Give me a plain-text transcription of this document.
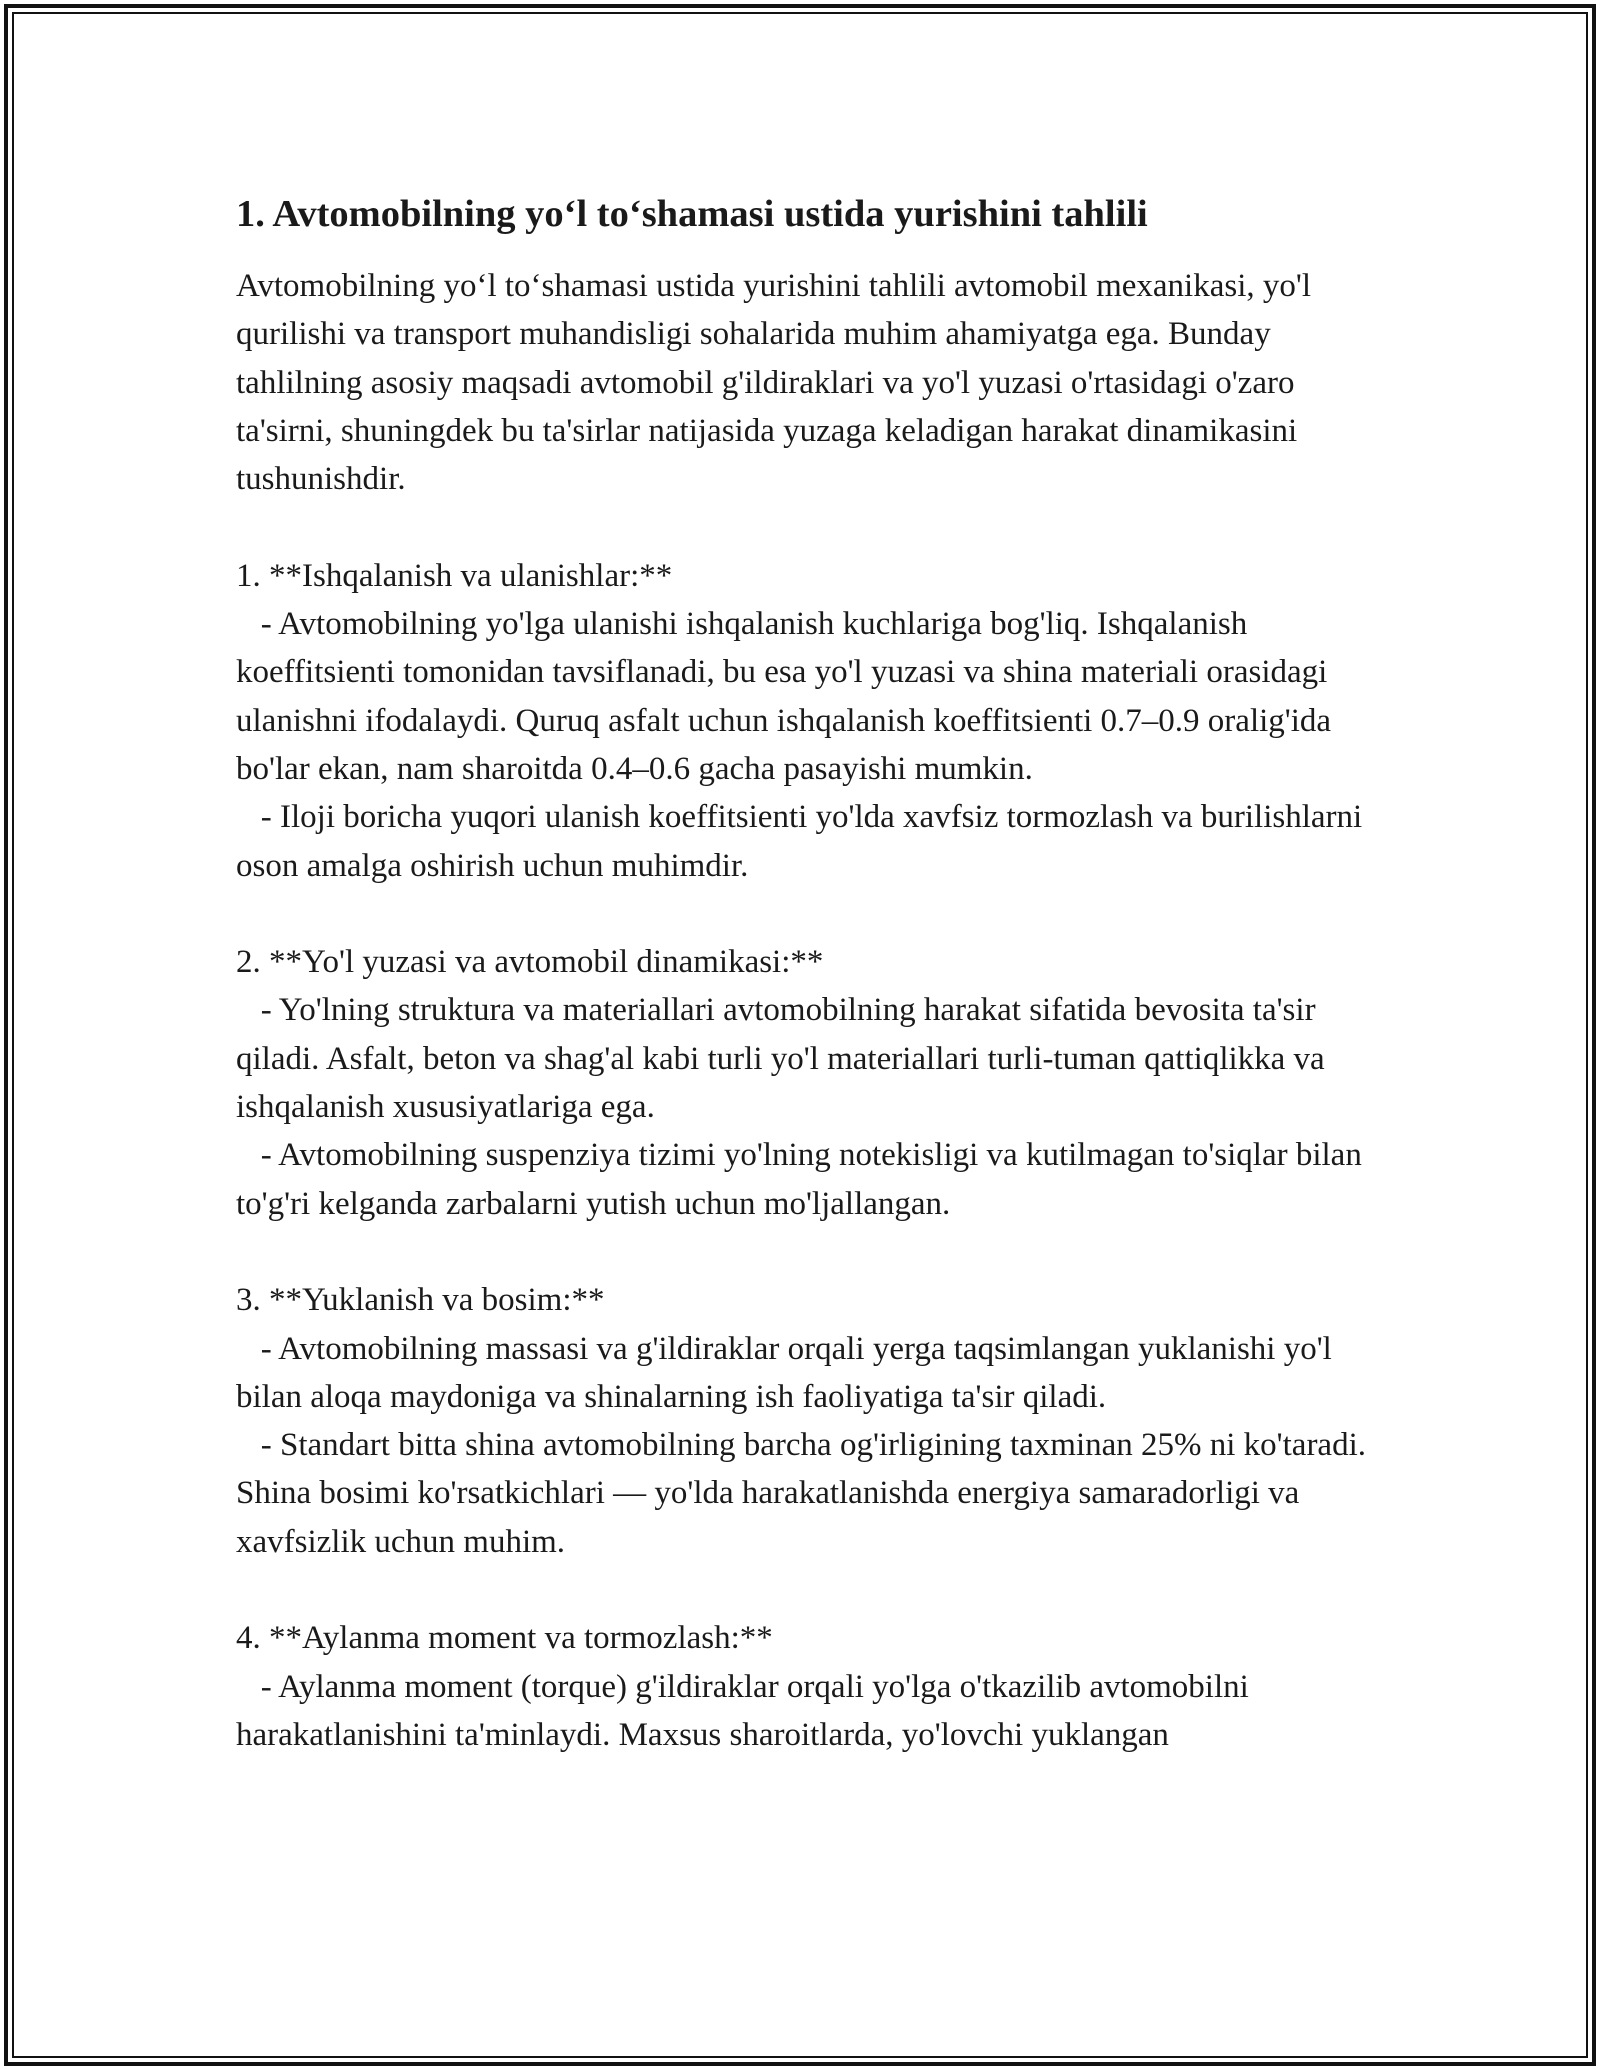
1. Avtomobilning yo‘l to‘shamasi ustida yurishini tahlili
Avtomobilning yo‘l to‘shamasi ustida yurishini tahlili avtomobil mexanikasi, yo'l qurilishi va transport muhandisligi sohalarida muhim ahamiyatga ega. Bunday tahlilning asosiy maqsadi avtomobil g'ildiraklari va yo'l yuzasi o'rtasidagi o'zaro ta'sirni, shuningdek bu ta'sirlar natijasida yuzaga keladigan harakat dinamikasini tushunishdir.

1. **Ishqalanish va ulanishlar:**
- Avtomobilning yo'lga ulanishi ishqalanish kuchlariga bog'liq. Ishqalanish koeffitsienti tomonidan tavsiflanadi, bu esa yo'l yuzasi va shina materiali orasidagi ulanishni ifodalaydi. Quruq asfalt uchun ishqalanish koeffitsienti 0.7–0.9 oralig'ida bo'lar ekan, nam sharoitda 0.4–0.6 gacha pasayishi mumkin.
- Iloji boricha yuqori ulanish koeffitsienti yo'lda xavfsiz tormozlash va burilishlarni oson amalga oshirish uchun muhimdir.

2. **Yo'l yuzasi va avtomobil dinamikasi:**
- Yo'lning struktura va materiallari avtomobilning harakat sifatida bevosita ta'sir qiladi. Asfalt, beton va shag'al kabi turli yo'l materiallari turli-tuman qattiqlikka va ishqalanish xususiyatlariga ega.
- Avtomobilning suspenziya tizimi yo'lning notekisligi va kutilmagan to'siqlar bilan to'g'ri kelganda zarbalarni yutish uchun mo'ljallangan.

3. **Yuklanish va bosim:**
- Avtomobilning massasi va g'ildiraklar orqali yerga taqsimlangan yuklanishi yo'l bilan aloqa maydoniga va shinalarning ish faoliyatiga ta'sir qiladi.
- Standart bitta shina avtomobilning barcha og'irligining taxminan 25% ni ko'taradi. Shina bosimi ko'rsatkichlari — yo'lda harakatlanishda energiya samaradorligi va xavfsizlik uchun muhim.

4. **Aylanma moment va tormozlash:**
- Aylanma moment (torque) g'ildiraklar orqali yo'lga o'tkazilib avtomobilni harakatlanishini ta'minlaydi. Maxsus sharoitlarda, yo'lovchi yuklangan
